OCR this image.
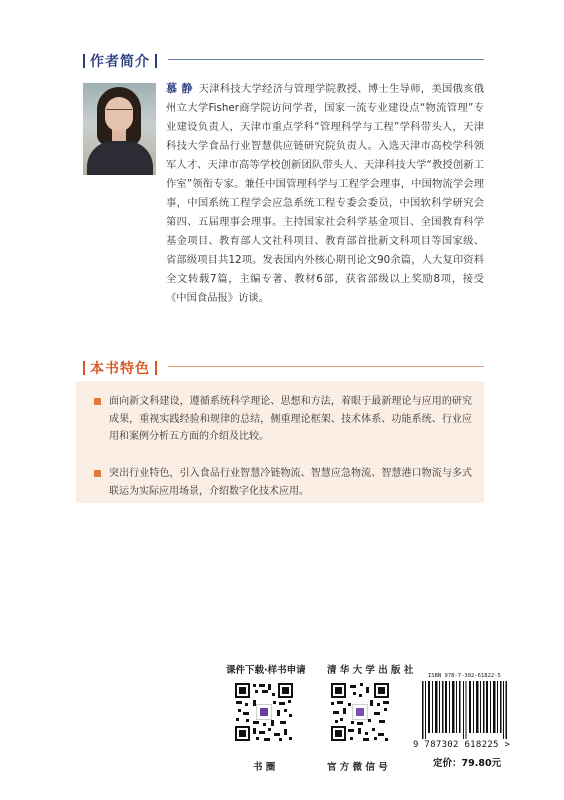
作者简介

慕 静 天津科技大学经济与管理学院教授、博士生导师，美国俄亥俄州立大学Fisher商学院访问学者，国家一流专业建设点“物流管理”专业建设负责人，天津市重点学科“管理科学与工程”学科带头人，天津科技大学食品行业智慧供应链研究院负责人。入选天津市高校学科领军人才、天津市高等学校创新团队带头人、天津科技大学“教授创新工作室”领衔专家。兼任中国管理科学与工程学会理事，中国物流学会理事，中国系统工程学会应急系统工程专委会委员，中国软科学研究会第四、五届理事会理事。主持国家社会科学基金项目、全国教育科学基金项目、教育部人文社科项目、教育部首批新文科项目等国家级、省部级项目共12项。发表国内外核心期刊论文90余篇，人大复印资料全文转载7篇，主编专著、教材6部，获省部级以上奖励8项，接受《中国食品报》访谈。

本书特色
面向新文科建设，遵循系统科学理论、思想和方法，着眼于最新理论与应用的研究成果，重视实践经验和规律的总结，侧重理论框架、技术体系、功能系统、行业应用和案例分析五方面的介绍及比较。
突出行业特色，引入食品行业智慧冷链物流、智慧应急物流、智慧港口物流与多式联运为实际应用场景，介绍数字化技术应用。
课件下载·样书申请
书 圈
清 华 大 学 出 版 社
官 方 微 信 号
ISBN 978-7-302-61822-5
9 787302 618225 >
定价：79.80元
